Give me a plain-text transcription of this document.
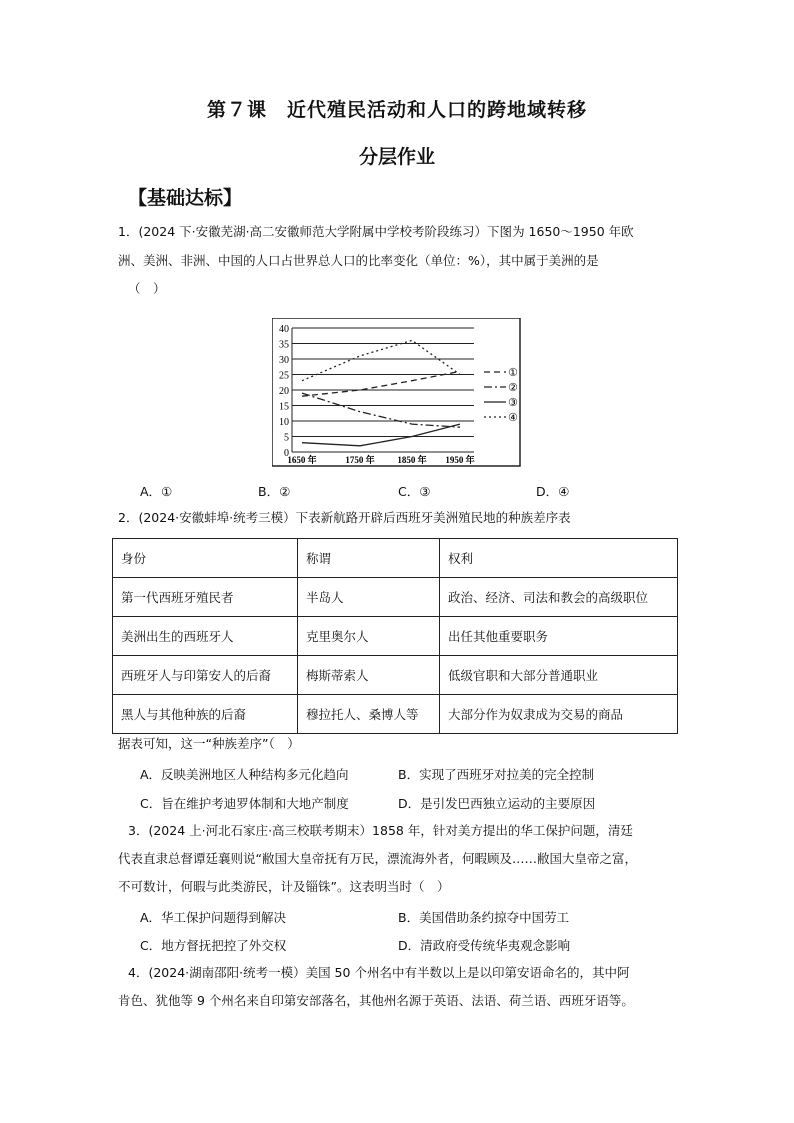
第７课　近代殖民活动和人口的跨地域转移
分层作业
【基础达标】
1．(2024 下·安徽芜湖·高二安徽师范大学附属中学校考阶段练习）下图为 1650～1950 年欧
洲、美洲、非洲、中国的人口占世界总人口的比率变化（单位：%），其中属于美洲的是
（　）
0
5
10
15
20
25
30
35
40
1650 年	1750 年	1850 年 1950 年
①
②
③
④
A．①	B．②	C．③	D．④
2．(2024·安徽蚌埠·统考三模）下表新航路开辟后西班牙美洲殖民地的种族差序表
身份	称谓	权利
第一代西班牙殖民者	半岛人	政治、经济、司法和教会的高级职位
美洲出生的西班牙人	克里奥尔人	出任其他重要职务
西班牙人与印第安人的后裔	梅斯蒂索人	低级官职和大部分普通职业
黑人与其他种族的后裔	穆拉托人、桑博人等	大部分作为奴隶成为交易的商品
据表可知，这一“种族差序”（　）
A．反映美洲地区人种结构多元化趋向	B．实现了西班牙对拉美的完全控制
C．旨在维护考迪罗体制和大地产制度	D．是引发巴西独立运动的主要原因
3．(2024 上·河北石家庄·高三校联考期末）1858 年，针对美方提出的华工保护问题，清廷
代表直隶总督谭廷襄则说“敝国大皇帝抚有万民，漂流海外者，何暇顾及……敝国大皇帝之富，
不可数计，何暇与此类游民，计及锱铢”。这表明当时（　）
A．华工保护问题得到解决	B．美国借助条约掠夺中国劳工
C．地方督抚把控了外交权	D．清政府受传统华夷观念影响
4．(2024·湖南邵阳·统考一模）美国 50 个州名中有半数以上是以印第安语命名的，其中阿
肯色、犹他等 9 个州名来自印第安部落名，其他州名源于英语、法语、荷兰语、西班牙语等。
